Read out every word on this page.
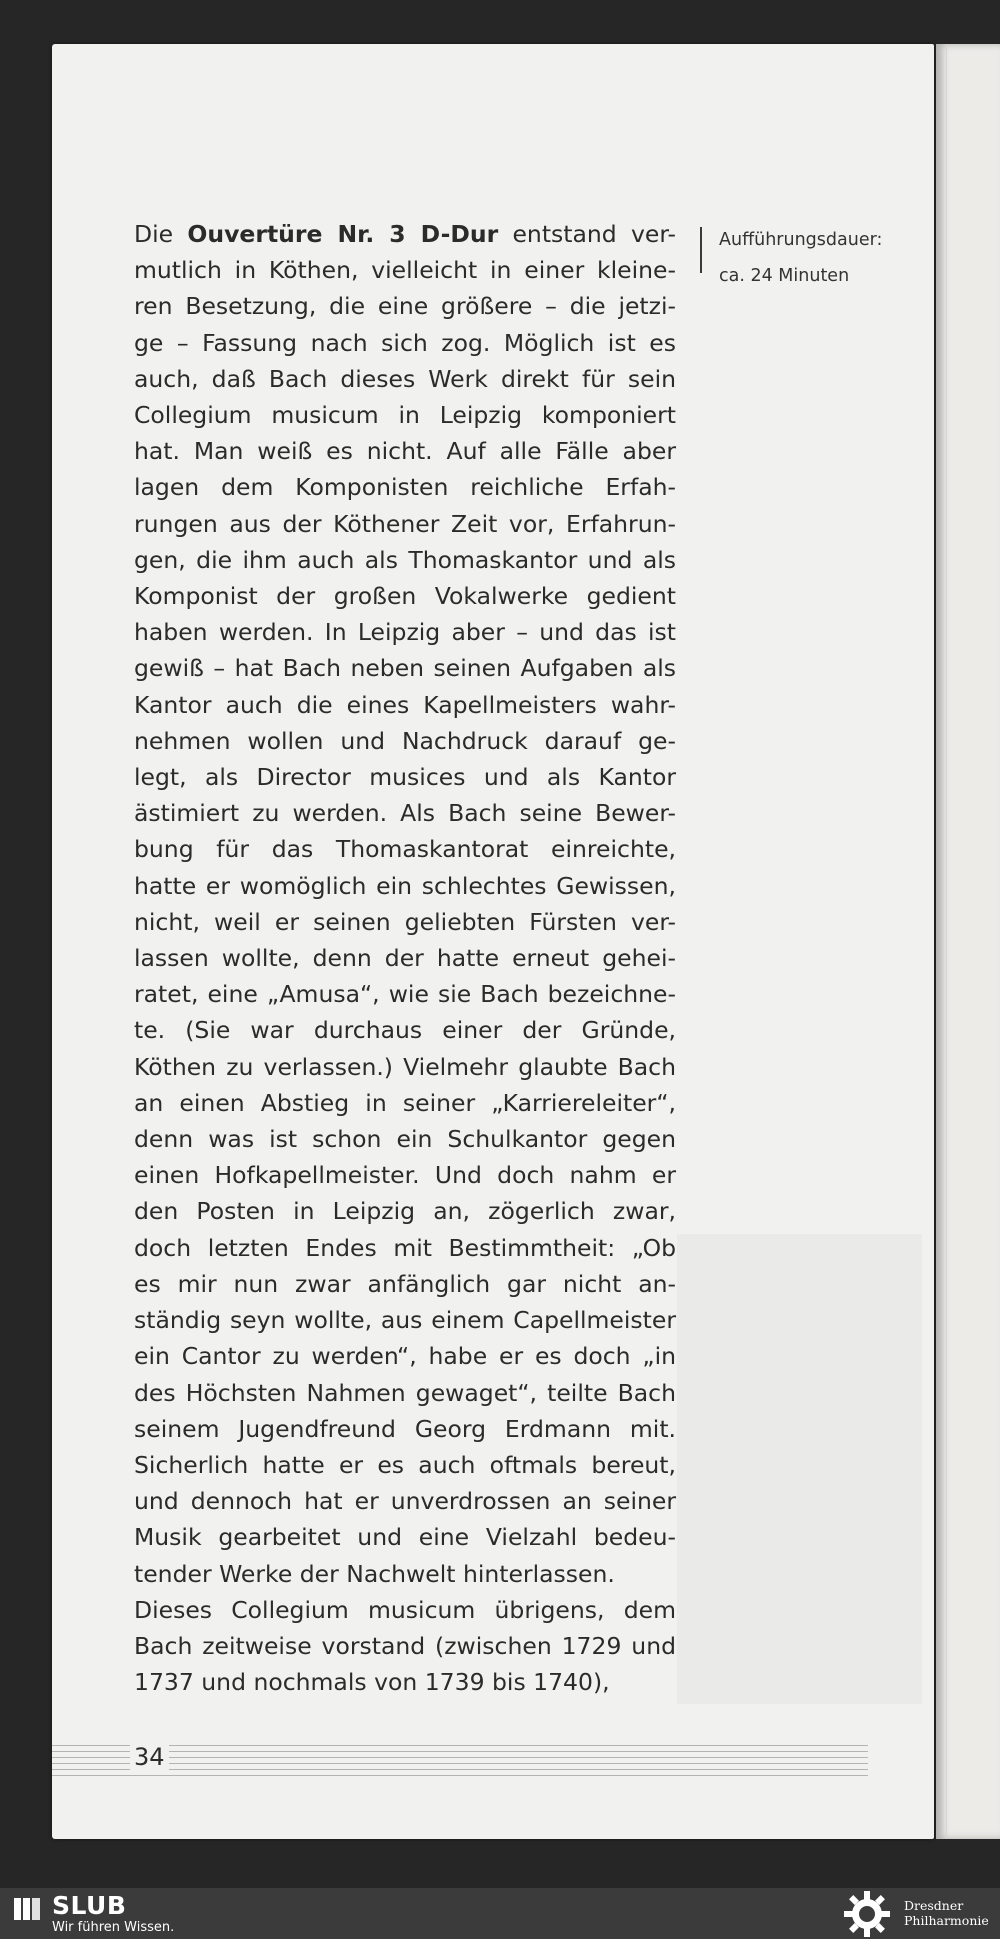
Die Ouvertüre Nr. 3 D-Dur entstand ver-
mutlich in Köthen, vielleicht in einer kleine-
ren Besetzung, die eine größere – die jetzi-
ge – Fassung nach sich zog. Möglich ist es
auch, daß Bach dieses Werk direkt für sein
Collegium musicum in Leipzig komponiert
hat. Man weiß es nicht. Auf alle Fälle aber
lagen dem Komponisten reichliche Erfah-
rungen aus der Köthener Zeit vor, Erfahrun-
gen, die ihm auch als Thomaskantor und als
Komponist der großen Vokalwerke gedient
haben werden. In Leipzig aber – und das ist
gewiß – hat Bach neben seinen Aufgaben als
Kantor auch die eines Kapellmeisters wahr-
nehmen wollen und Nachdruck darauf ge-
legt, als Director musices und als Kantor
ästimiert zu werden. Als Bach seine Bewer-
bung für das Thomaskantorat einreichte,
hatte er womöglich ein schlechtes Gewissen,
nicht, weil er seinen geliebten Fürsten ver-
lassen wollte, denn der hatte erneut gehei-
ratet, eine „Amusa“, wie sie Bach bezeichne-
te. (Sie war durchaus einer der Gründe,
Köthen zu verlassen.) Vielmehr glaubte Bach
an einen Abstieg in seiner „Karriereleiter“,
denn was ist schon ein Schulkantor gegen
einen Hofkapellmeister. Und doch nahm er
den Posten in Leipzig an, zögerlich zwar,
doch letzten Endes mit Bestimmtheit: „Ob
es mir nun zwar anfänglich gar nicht an-
ständig seyn wollte, aus einem Capellmeister
ein Cantor zu werden“, habe er es doch „in
des Höchsten Nahmen gewaget“, teilte Bach
seinem Jugendfreund Georg Erdmann mit.
Sicherlich hatte er es auch oftmals bereut,
und dennoch hat er unverdrossen an seiner
Musik gearbeitet und eine Vielzahl bedeu-
tender Werke der Nachwelt hinterlassen.
Dieses Collegium musicum übrigens, dem
Bach zeitweise vorstand (zwischen 1729 und
1737 und nochmals von 1739 bis 1740),
Aufführungsdauer:
ca. 24 Minuten
34
SLUB
Wir führen Wissen.
Dresdner
Philharmonie
